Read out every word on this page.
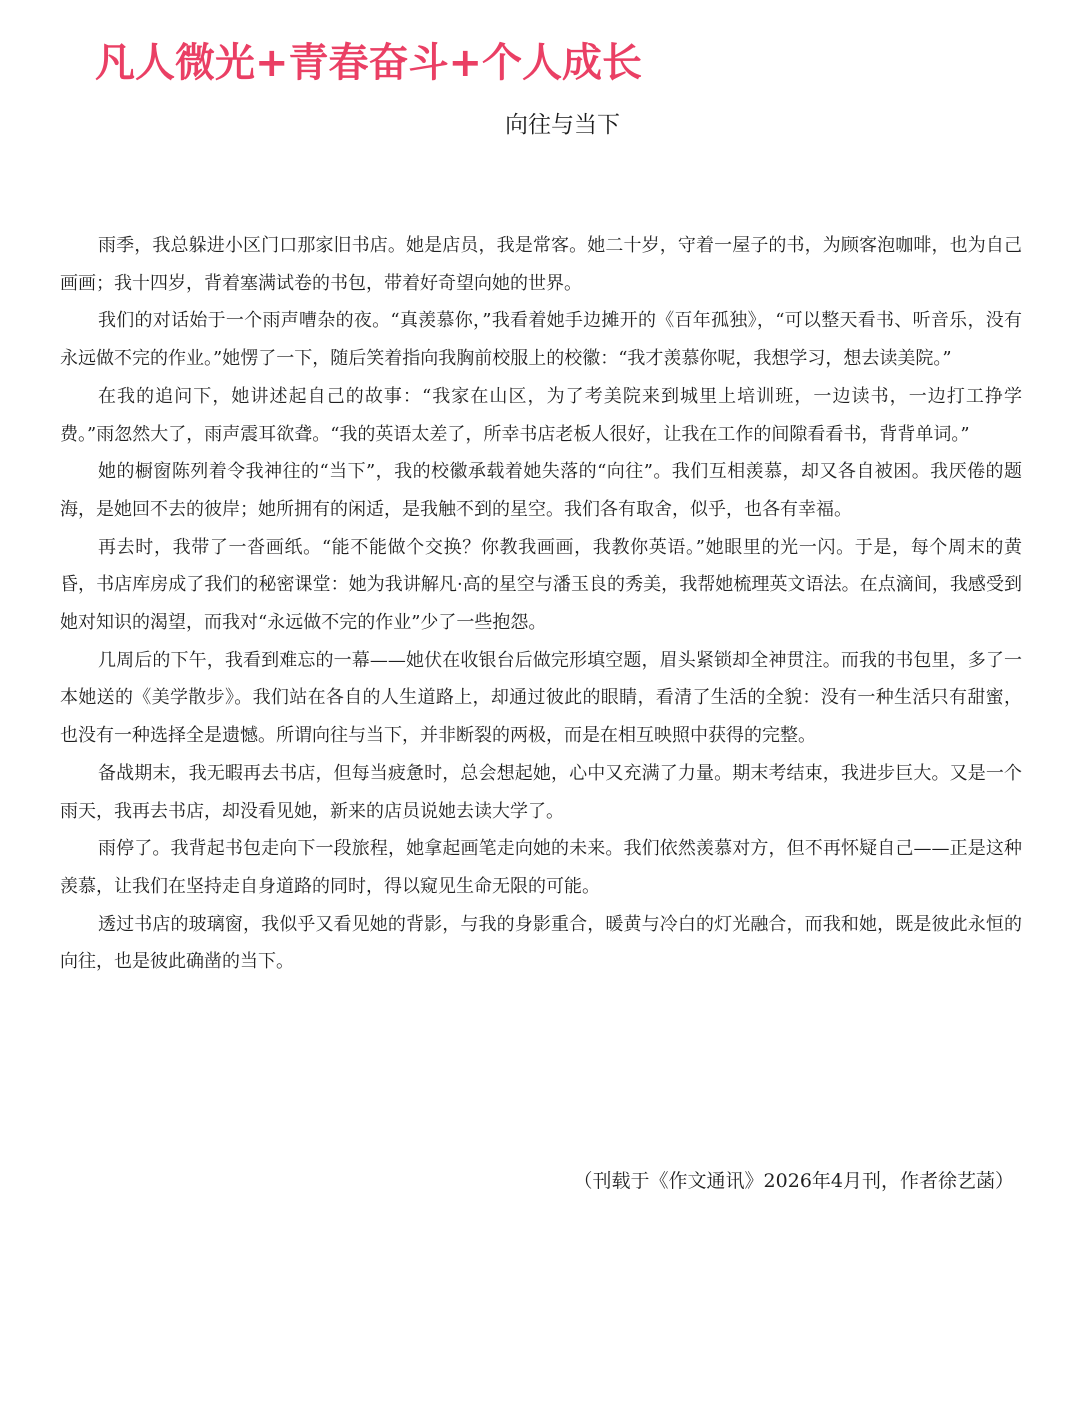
凡人微光+青春奋斗+个人成长
向往与当下

雨季，我总躲进小区门口那家旧书店。她是店员，我是常客。她二十岁，守着一屋子的书，为顾客泡咖啡，也为自己画画；我十四岁，背着塞满试卷的书包，带着好奇望向她的世界。

我们的对话始于一个雨声嘈杂的夜。“真羡慕你，”我看着她手边摊开的《百年孤独》，“可以整天看书、听音乐，没有永远做不完的作业。”她愣了一下，随后笑着指向我胸前校服上的校徽：“我才羡慕你呢，我想学习，想去读美院。”

在我的追问下，她讲述起自己的故事：“我家在山区，为了考美院来到城里上培训班，一边读书，一边打工挣学费。”雨忽然大了，雨声震耳欲聋。“我的英语太差了，所幸书店老板人很好，让我在工作的间隙看看书，背背单词。”

她的橱窗陈列着令我神往的“当下”，我的校徽承载着她失落的“向往”。我们互相羡慕，却又各自被困。我厌倦的题海，是她回不去的彼岸；她所拥有的闲适，是我触不到的星空。我们各有取舍，似乎，也各有幸福。

再去时，我带了一沓画纸。“能不能做个交换？你教我画画，我教你英语。”她眼里的光一闪。于是，每个周末的黄昏，书店库房成了我们的秘密课堂：她为我讲解凡·高的星空与潘玉良的秀美，我帮她梳理英文语法。在点滴间，我感受到她对知识的渴望，而我对“永远做不完的作业”少了一些抱怨。

几周后的下午，我看到难忘的一幕——她伏在收银台后做完形填空题，眉头紧锁却全神贯注。而我的书包里，多了一本她送的《美学散步》。我们站在各自的人生道路上，却通过彼此的眼睛，看清了生活的全貌：没有一种生活只有甜蜜，也没有一种选择全是遗憾。所谓向往与当下，并非断裂的两极，而是在相互映照中获得的完整。

备战期末，我无暇再去书店，但每当疲惫时，总会想起她，心中又充满了力量。期末考结束，我进步巨大。又是一个雨天，我再去书店，却没看见她，新来的店员说她去读大学了。

雨停了。我背起书包走向下一段旅程，她拿起画笔走向她的未来。我们依然羡慕对方，但不再怀疑自己——正是这种羡慕，让我们在坚持走自身道路的同时，得以窥见生命无限的可能。

透过书店的玻璃窗，我似乎又看见她的背影，与我的身影重合，暖黄与冷白的灯光融合，而我和她，既是彼此永恒的向往，也是彼此确凿的当下。

（刊载于《作文通讯》2026年4月刊，作者徐艺菡）
